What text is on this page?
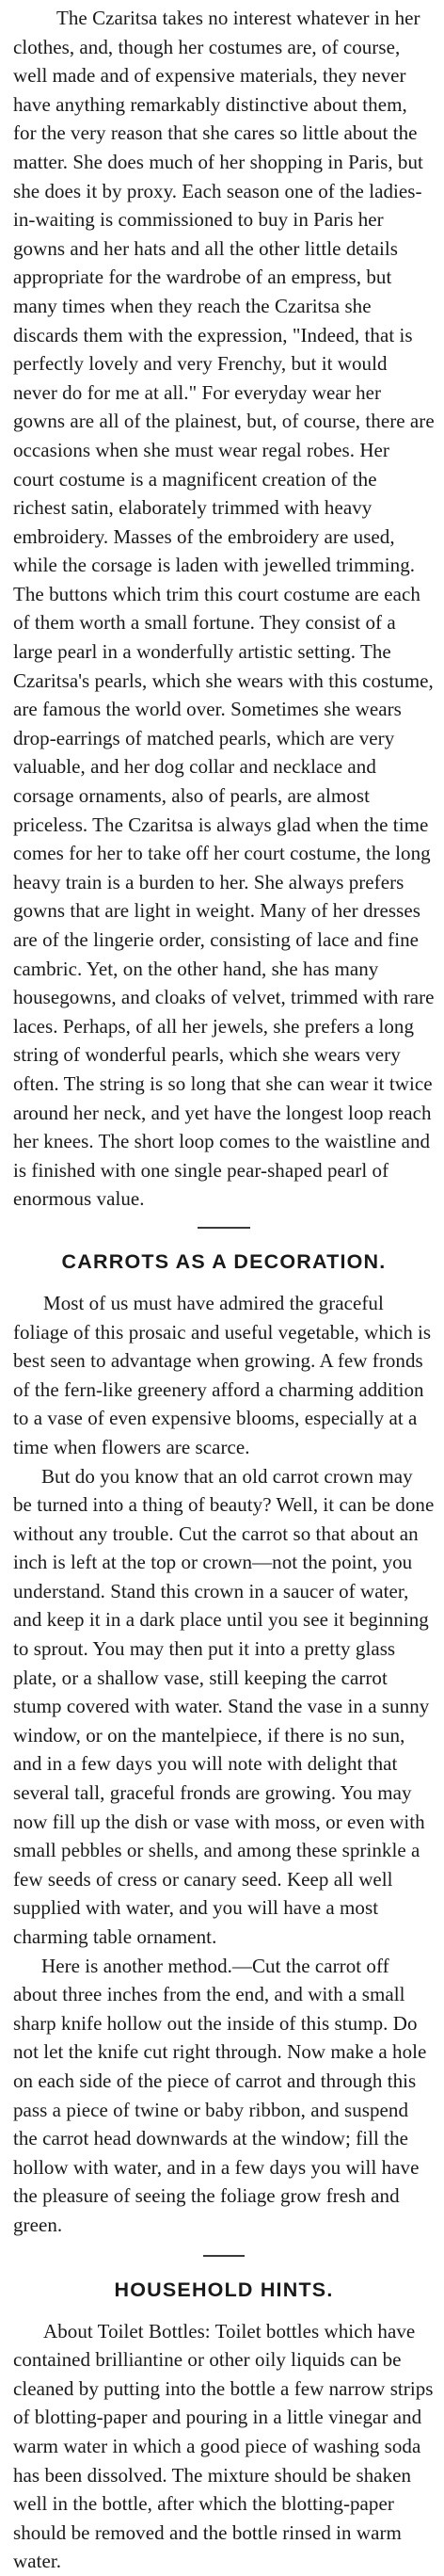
The Czaritsa takes no interest whatever in her clothes, and, though her costumes are, of course, well made and of expensive materials, they never have anything remarkably distinctive about them, for the very reason that she cares so little about the matter. She does much of her shopping in Paris, but she does it by proxy. Each season one of the ladies-in-waiting is commissioned to buy in Paris her gowns and her hats and all the other little details appropriate for the wardrobe of an empress, but many times when they reach the Czaritsa she discards them with the expression, "Indeed, that is perfectly lovely and very Frenchy, but it would never do for me at all." For everyday wear her gowns are all of the plainest, but, of course, there are occasions when she must wear regal robes. Her court costume is a magnificent creation of the richest satin, elaborately trimmed with heavy embroidery. Masses of the embroidery are used, while the corsage is laden with jewelled trimming. The buttons which trim this court costume are each of them worth a small fortune. They consist of a large pearl in a wonderfully artistic setting. The Czaritsa's pearls, which she wears with this costume, are famous the world over. Sometimes she wears drop-earrings of matched pearls, which are very valuable, and her dog collar and necklace and corsage ornaments, also of pearls, are almost priceless. The Czaritsa is always glad when the time comes for her to take off her court costume, the long heavy train is a burden to her. She always prefers gowns that are light in weight. Many of her dresses are of the lingerie order, consisting of lace and fine cambric. Yet, on the other hand, she has many housegowns, and cloaks of velvet, trimmed with rare laces. Perhaps, of all her jewels, she prefers a long string of wonderful pearls, which she wears very often. The string is so long that she can wear it twice around her neck, and yet have the longest loop reach her knees. The short loop comes to the waistline and is finished with one single pear-shaped pearl of enormous value.

CARROTS AS A DECORATION.

Most of us must have admired the graceful foliage of this prosaic and useful vegetable, which is best seen to advantage when growing. A few fronds of the fern-like greenery afford a charming addition to a vase of even expensive blooms, especially at a time when flowers are scarce.

But do you know that an old carrot crown may be turned into a thing of beauty? Well, it can be done without any trouble. Cut the carrot so that about an inch is left at the top or crown—not the point, you understand. Stand this crown in a saucer of water, and keep it in a dark place until you see it beginning to sprout. You may then put it into a pretty glass plate, or a shallow vase, still keeping the carrot stump covered with water. Stand the vase in a sunny window, or on the mantelpiece, if there is no sun, and in a few days you will note with delight that several tall, graceful fronds are growing. You may now fill up the dish or vase with moss, or even with small pebbles or shells, and among these sprinkle a few seeds of cress or canary seed. Keep all well supplied with water, and you will have a most charming table ornament.

Here is another method.—Cut the carrot off about three inches from the end, and with a small sharp knife hollow out the inside of this stump. Do not let the knife cut right through. Now make a hole on each side of the piece of carrot and through this pass a piece of twine or baby ribbon, and suspend the carrot head downwards at the window; fill the hollow with water, and in a few days you will have the pleasure of seeing the foliage grow fresh and green.

HOUSEHOLD HINTS.

About Toilet Bottles: Toilet bottles which have contained brilliantine or other oily liquids can be cleaned by putting into the bottle a few narrow strips of blotting-paper and pouring in a little vinegar and warm water in which a good piece of washing soda has been dissolved. The mixture should be shaken well in the bottle, after which the blotting-paper should be removed and the bottle rinsed in warm water.
